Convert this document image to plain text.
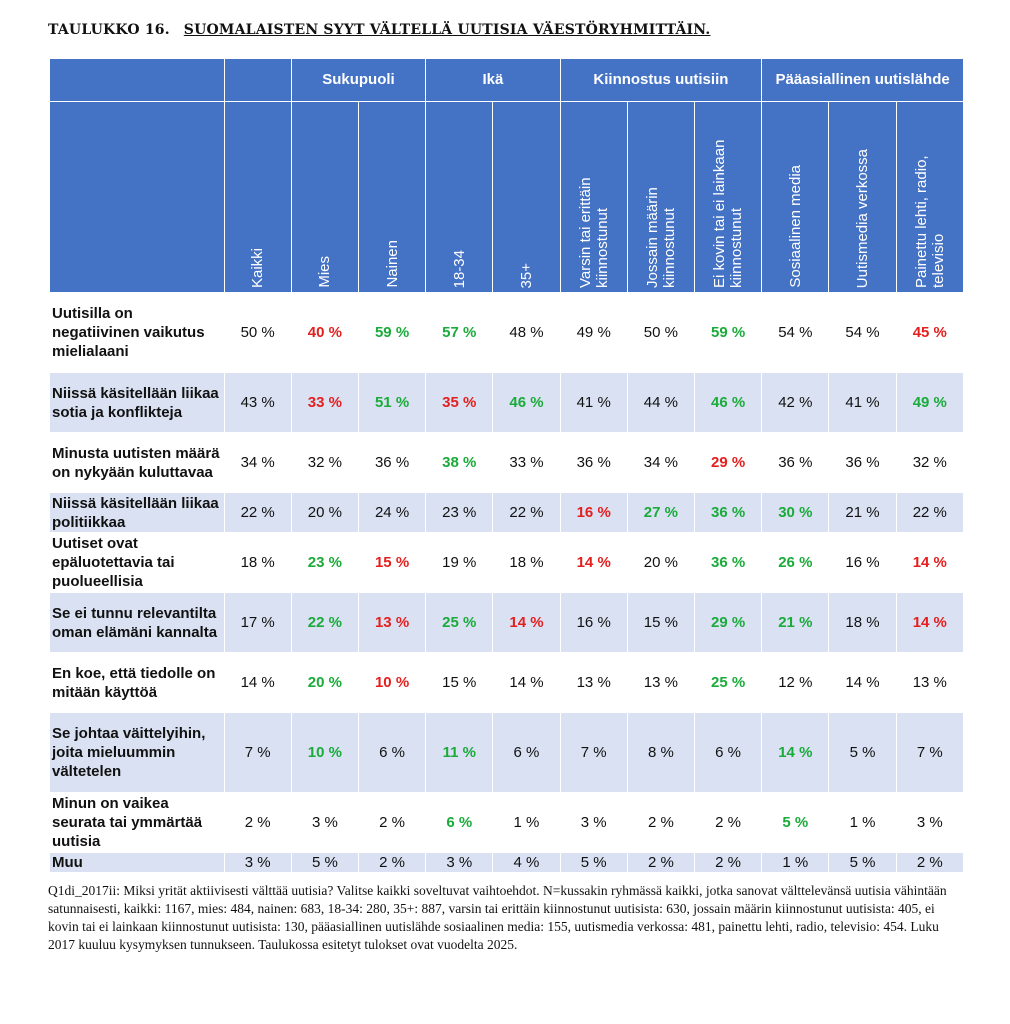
TAULUKKO 16. SUOMALAISTEN SYYT VÄLTELLÄ UUTISIA VÄESTÖRYHMITTÄIN.
		Sukupuoli		Ikä		Kiinnostus uutisiin			Pääasiallinen uutislähde		
	Kaikki	Mies	Nainen	18-34	35+	Varsin tai erittäin kiinnostunut	Jossain määrin kiinnostunut	Ei kovin tai ei lainkaan kiinnostunut	Sosiaalinen media	Uutismedia verkossa	Painettu lehti, radio, televisio
Uutisilla on negatiivinen vaikutus mielialaani	50 %	40 %	59 %	57 %	48 %	49 %	50 %	59 %	54 %	54 %	45 %
Niissä käsitellään liikaa sotia ja konflikteja	43 %	33 %	51 %	35 %	46 %	41 %	44 %	46 %	42 %	41 %	49 %
Minusta uutisten määrä on nykyään kuluttavaa	34 %	32 %	36 %	38 %	33 %	36 %	34 %	29 %	36 %	36 %	32 %
Niissä käsitellään liikaa politiikkaa	22 %	20 %	24 %	23 %	22 %	16 %	27 %	36 %	30 %	21 %	22 %
Uutiset ovat epäluotettavia tai puolueellisia	18 %	23 %	15 %	19 %	18 %	14 %	20 %	36 %	26 %	16 %	14 %
Se ei tunnu relevantilta oman elämäni kannalta	17 %	22 %	13 %	25 %	14 %	16 %	15 %	29 %	21 %	18 %	14 %
En koe, että tiedolle on mitään käyttöä	14 %	20 %	10 %	15 %	14 %	13 %	13 %	25 %	12 %	14 %	13 %
Se johtaa väittelyihin, joita mieluummin vältetelen	7 %	10 %	6 %	11 %	6 %	7 %	8 %	6 %	14 %	5 %	7 %
Minun on vaikea seurata tai ymmärtää uutisia	2 %	3 %	2 %	6 %	1 %	3 %	2 %	2 %	5 %	1 %	3 %
Muu	3 %	5 %	2 %	3 %	4 %	5 %	2 %	2 %	1 %	5 %	2 %
Q1di_2017ii: Miksi yrität aktiivisesti välttää uutisia? Valitse kaikki soveltuvat vaihtoehdot. N=kussakin ryhmässä kaikki, jotka sanovat välttelevänsä uutisia vähintään satunnaisesti, kaikki: 1167, mies: 484, nainen: 683, 18-34: 280, 35+: 887, varsin tai erittäin kiinnostunut uutisista: 630, jossain määrin kiinnostunut uutisista: 405, ei kovin tai ei lainkaan kiinnostunut uutisista: 130, pääasiallinen uutislähde sosiaalinen media: 155, uutismedia verkossa: 481, painettu lehti, radio, televisio: 454. Luku 2017 kuuluu kysymyksen tunnukseen. Taulukossa esitetyt tulokset ovat vuodelta 2025.
